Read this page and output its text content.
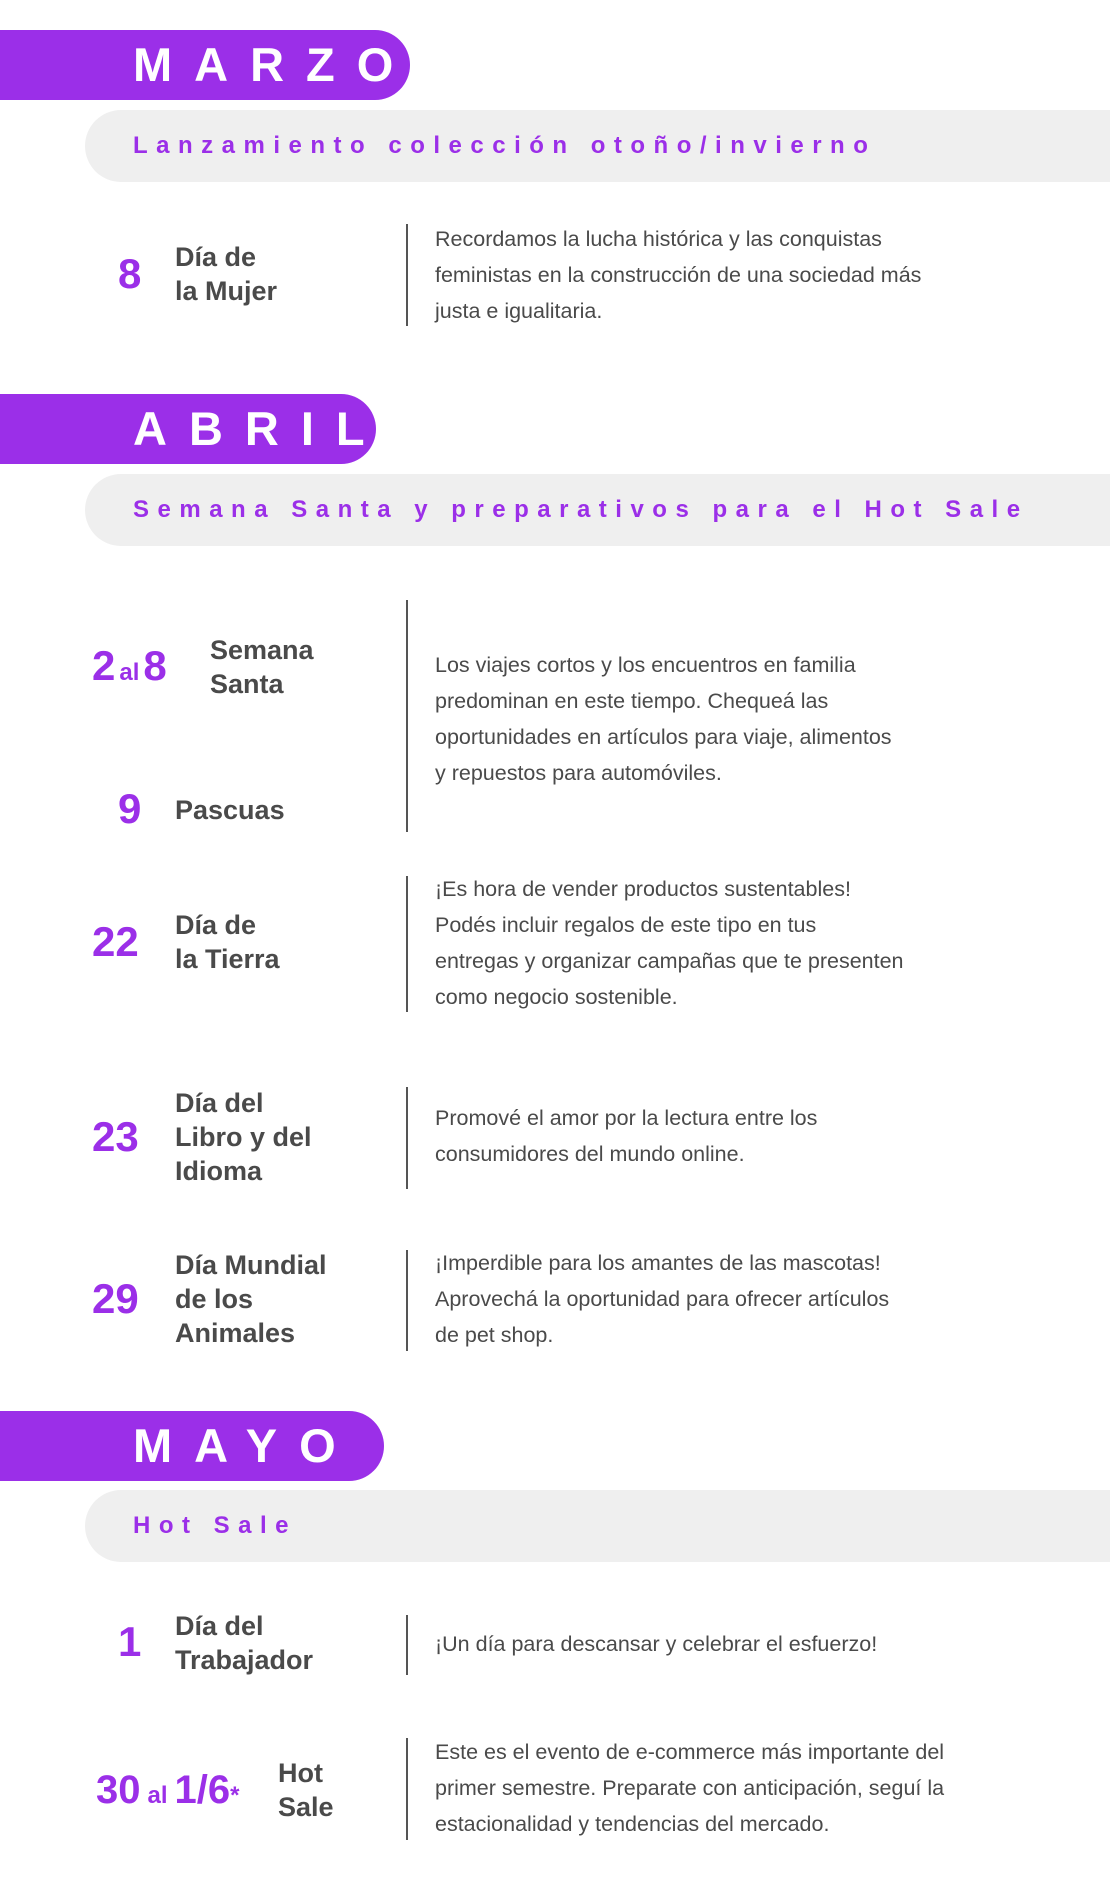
MARZO
Lanzamiento colección otoño/invierno
8 Día de
la Mujer
Recordamos la lucha histórica y las conquistas
feministas en la construcción de una sociedad más
justa e igualitaria.
ABRIL
Semana Santa y preparativos para el Hot Sale
2 al8 Semana
Santa
9 Pascuas
Los viajes cortos y los encuentros en familia
predominan en este tiempo. Chequeá las
oportunidades en artículos para viaje, alimentos
y repuestos para automóviles.
22 Día de
la Tierra
¡Es hora de vender productos sustentables!
Podés incluir regalos de este tipo en tus
entregas y organizar campañas que te presenten
como negocio sostenible.
23
Día del
Libro y del
Idioma
Promové el amor por la lectura entre los
consumidores del mundo online.
29
Día Mundial
de los
Animales
¡Imperdible para los amantes de las mascotas!
Aprovechá la oportunidad para ofrecer artículos
de pet shop.
MAYO
Hot Sale
1 Día del
Trabajador
¡Un día para descansar y celebrar el esfuerzo!
30 al 1/6*
Hot
Sale
Este es el evento de e-commerce más importante del
primer semestre. Preparate con anticipación, seguí la
estacionalidad y tendencias del mercado.
